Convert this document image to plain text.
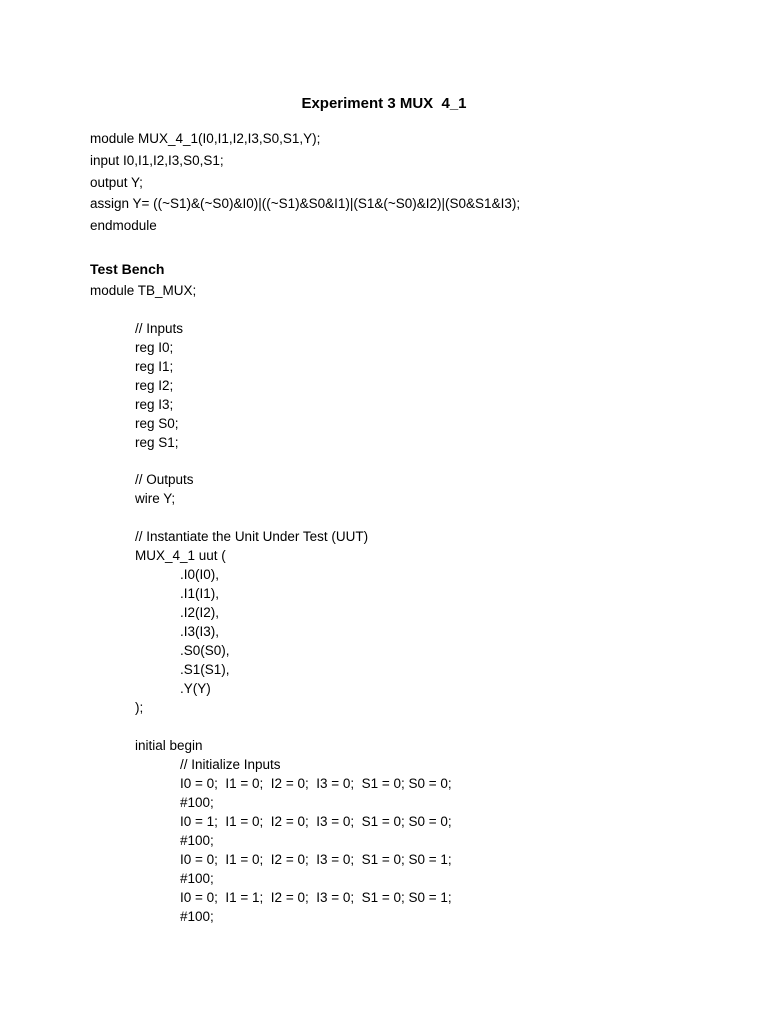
Experiment 3 MUX  4_1
module MUX_4_1(I0,I1,I2,I3,S0,S1,Y);
input I0,I1,I2,I3,S0,S1;
output Y;
assign Y= ((~S1)&(~S0)&I0)|((~S1)&S0&I1)|(S1&(~S0)&I2)|(S0&S1&I3);
endmodule
Test Bench
module TB_MUX;
// Inputs
reg I0;
reg I1;
reg I2;
reg I3;
reg S0;
reg S1;
// Outputs
wire Y;
// Instantiate the Unit Under Test (UUT)
MUX_4_1 uut (
.I0(I0),
.I1(I1),
.I2(I2),
.I3(I3),
.S0(S0),
.S1(S1),
.Y(Y)
);
initial begin
// Initialize Inputs
I0 = 0;  I1 = 0;  I2 = 0;  I3 = 0;  S1 = 0; S0 = 0;
#100;
I0 = 1;  I1 = 0;  I2 = 0;  I3 = 0;  S1 = 0; S0 = 0;
#100;
I0 = 0;  I1 = 0;  I2 = 0;  I3 = 0;  S1 = 0; S0 = 1;
#100;
I0 = 0;  I1 = 1;  I2 = 0;  I3 = 0;  S1 = 0; S0 = 1;
#100;
